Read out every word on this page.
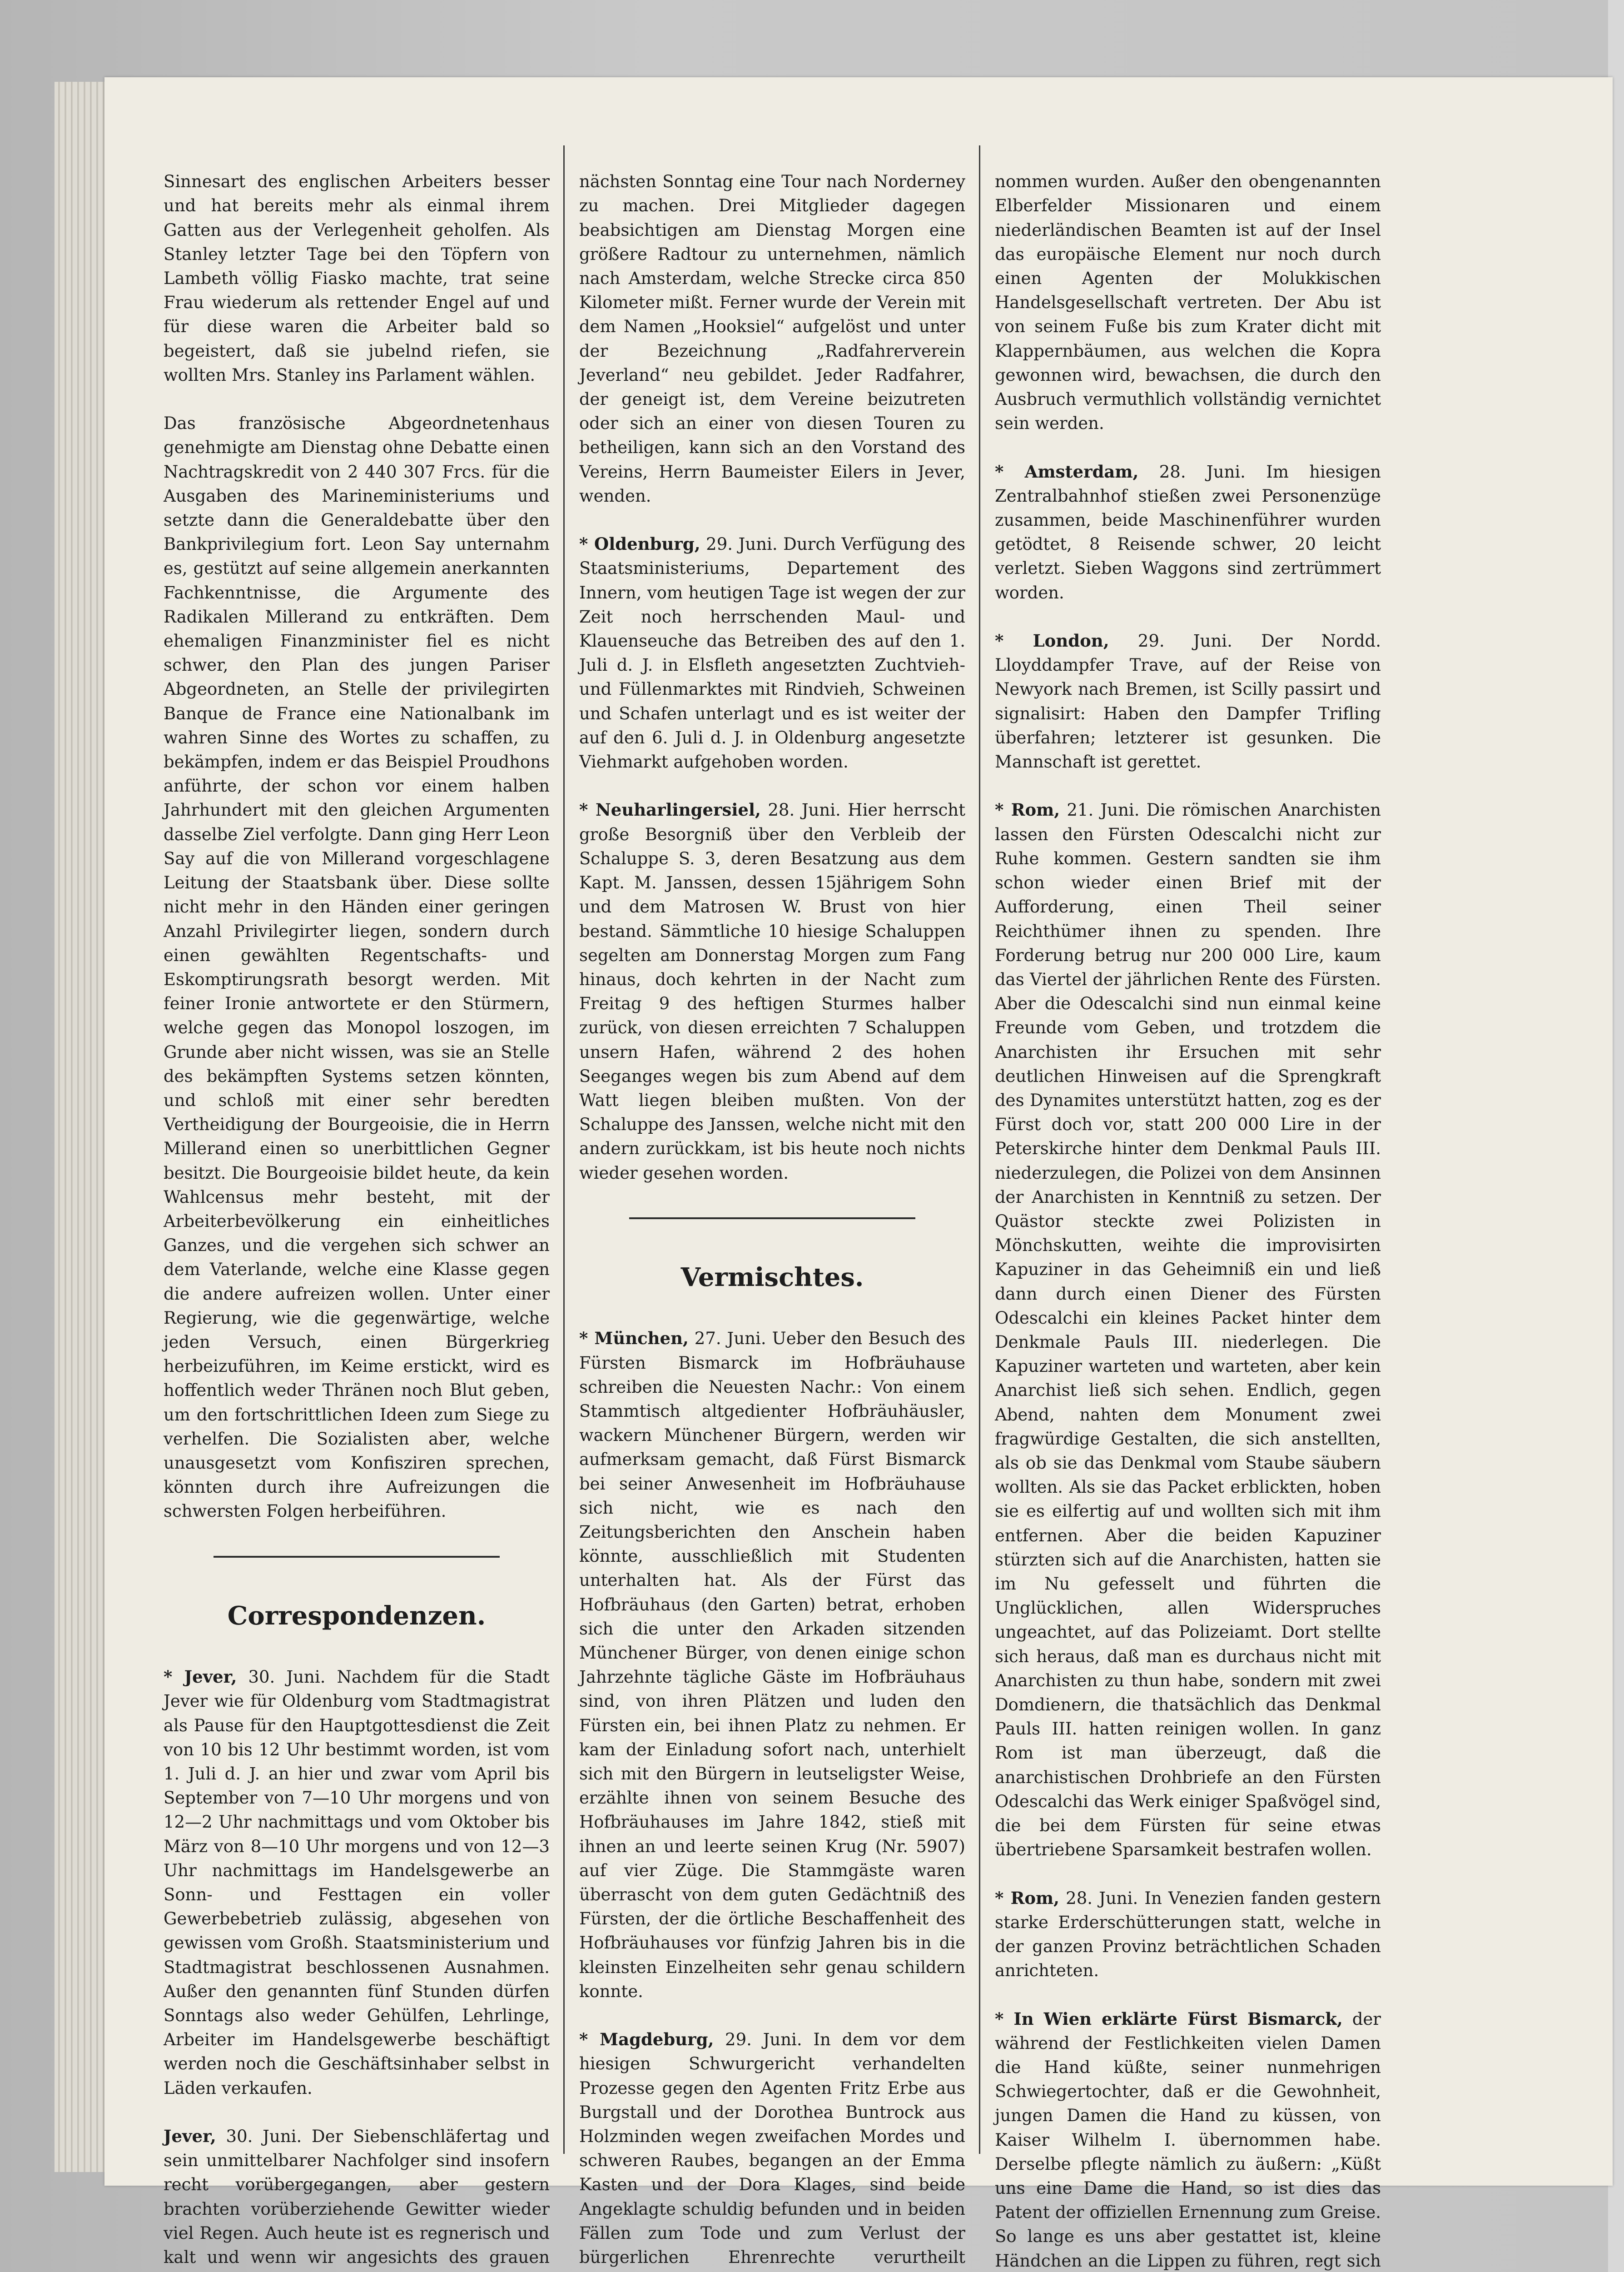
Sinnesart des englischen Arbeiters besser und hat bereits mehr als einmal ihrem Gatten aus der Verlegenheit geholfen. Als Stanley letzter Tage bei den Töpfern von Lambeth völlig Fiasko machte, trat seine Frau wiederum als rettender Engel auf und für diese waren die Arbeiter bald so begeistert, daß sie jubelnd riefen, sie wollten Mrs. Stanley ins Parlament wählen.

Das französische Abgeordnetenhaus genehmigte am Dienstag ohne Debatte einen Nachtragskredit von 2 440 307 Frcs. für die Ausgaben des Marineministeriums und setzte dann die Generaldebatte über den Bankprivilegium fort. Leon Say unternahm es, gestützt auf seine allgemein anerkannten Fachkenntnisse, die Argumente des Radikalen Millerand zu entkräften. Dem ehemaligen Finanzminister fiel es nicht schwer, den Plan des jungen Pariser Abgeordneten, an Stelle der privilegirten Banque de France eine Nationalbank im wahren Sinne des Wortes zu schaffen, zu bekämpfen, indem er das Beispiel Proudhons anführte, der schon vor einem halben Jahrhundert mit den gleichen Argumenten dasselbe Ziel verfolgte. Dann ging Herr Leon Say auf die von Millerand vorgeschlagene Leitung der Staatsbank über. Diese sollte nicht mehr in den Händen einer geringen Anzahl Privilegirter liegen, sondern durch einen gewählten Regentschafts- und Eskomptirungsrath besorgt werden. Mit feiner Ironie antwortete er den Stürmern, welche gegen das Monopol loszogen, im Grunde aber nicht wissen, was sie an Stelle des bekämpften Systems setzen könnten, und schloß mit einer sehr beredten Vertheidigung der Bourgeoisie, die in Herrn Millerand einen so unerbittlichen Gegner besitzt. Die Bourgeoisie bildet heute, da kein Wahlcensus mehr besteht, mit der Arbeiterbevölkerung ein einheitliches Ganzes, und die vergehen sich schwer an dem Vaterlande, welche eine Klasse gegen die andere aufreizen wollen. Unter einer Regierung, wie die gegenwärtige, welche jeden Versuch, einen Bürgerkrieg herbeizuführen, im Keime erstickt, wird es hoffentlich weder Thränen noch Blut geben, um den fortschrittlichen Ideen zum Siege zu verhelfen. Die Sozialisten aber, welche unausgesetzt vom Konfisziren sprechen, könnten durch ihre Aufreizungen die schwersten Folgen herbeiführen.

Correspondenzen.

* Jever, 30. Juni. Nachdem für die Stadt Jever wie für Oldenburg vom Stadtmagistrat als Pause für den Hauptgottesdienst die Zeit von 10 bis 12 Uhr bestimmt worden, ist vom 1. Juli d. J. an hier und zwar vom April bis September von 7—10 Uhr morgens und von 12—2 Uhr nachmittags und vom Oktober bis März von 8—10 Uhr morgens und von 12—3 Uhr nachmittags im Handelsgewerbe an Sonn- und Festtagen ein voller Gewerbebetrieb zulässig, abgesehen von gewissen vom Großh. Staatsministerium und Stadtmagistrat beschlossenen Ausnahmen. Außer den genannten fünf Stunden dürfen Sonntags also weder Gehülfen, Lehrlinge, Arbeiter im Handelsgewerbe beschäftigt werden noch die Geschäftsinhaber selbst in Läden verkaufen.

Jever, 30. Juni. Der Siebenschläfertag und sein unmittelbarer Nachfolger sind insofern recht vorübergegangen, aber gestern brachten vorüberziehende Gewitter wieder viel Regen. Auch heute ist es regnerisch und kalt und wenn wir angesichts des grauen

nächsten Sonntag eine Tour nach Norderney zu machen. Drei Mitglieder dagegen beabsichtigen am Dienstag Morgen eine größere Radtour zu unternehmen, nämlich nach Amsterdam, welche Strecke circa 850 Kilometer mißt. Ferner wurde der Verein mit dem Namen „Hooksiel“ aufgelöst und unter der Bezeichnung „Radfahrerverein Jeverland“ neu gebildet. Jeder Radfahrer, der geneigt ist, dem Vereine beizutreten oder sich an einer von diesen Touren zu betheiligen, kann sich an den Vorstand des Vereins, Herrn Baumeister Eilers in Jever, wenden.

* Oldenburg, 29. Juni. Durch Verfügung des Staatsministeriums, Departement des Innern, vom heutigen Tage ist wegen der zur Zeit noch herrschenden Maul- und Klauenseuche das Betreiben des auf den 1. Juli d. J. in Elsfleth angesetzten Zuchtvieh- und Füllenmarktes mit Rindvieh, Schweinen und Schafen unterlagt und es ist weiter der auf den 6. Juli d. J. in Oldenburg angesetzte Viehmarkt aufgehoben worden.

* Neuharlingersiel, 28. Juni. Hier herrscht große Besorgniß über den Verbleib der Schaluppe S. 3, deren Besatzung aus dem Kapt. M. Janssen, dessen 15jährigem Sohn und dem Matrosen W. Brust von hier bestand. Sämmtliche 10 hiesige Schaluppen segelten am Donnerstag Morgen zum Fang hinaus, doch kehrten in der Nacht zum Freitag 9 des heftigen Sturmes halber zurück, von diesen erreichten 7 Schaluppen unsern Hafen, während 2 des hohen Seeganges wegen bis zum Abend auf dem Watt liegen bleiben mußten. Von der Schaluppe des Janssen, welche nicht mit den andern zurückkam, ist bis heute noch nichts wieder gesehen worden.

Vermischtes.

* München, 27. Juni. Ueber den Besuch des Fürsten Bismarck im Hofbräuhause schreiben die Neuesten Nachr.: Von einem Stammtisch altgedienter Hofbräuhäusler, wackern Münchener Bürgern, werden wir aufmerksam gemacht, daß Fürst Bismarck bei seiner Anwesenheit im Hofbräuhause sich nicht, wie es nach den Zeitungsberichten den Anschein haben könnte, ausschließlich mit Studenten unterhalten hat. Als der Fürst das Hofbräuhaus (den Garten) betrat, erhoben sich die unter den Arkaden sitzenden Münchener Bürger, von denen einige schon Jahrzehnte tägliche Gäste im Hofbräuhaus sind, von ihren Plätzen und luden den Fürsten ein, bei ihnen Platz zu nehmen. Er kam der Einladung sofort nach, unterhielt sich mit den Bürgern in leutseligster Weise, erzählte ihnen von seinem Besuche des Hofbräuhauses im Jahre 1842, stieß mit ihnen an und leerte seinen Krug (Nr. 5907) auf vier Züge. Die Stammgäste waren überrascht von dem guten Gedächtniß des Fürsten, der die örtliche Beschaffenheit des Hofbräuhauses vor fünfzig Jahren bis in die kleinsten Einzelheiten sehr genau schildern konnte.

* Magdeburg, 29. Juni. In dem vor dem hiesigen Schwurgericht verhandelten Prozesse gegen den Agenten Fritz Erbe aus Burgstall und der Dorothea Buntrock aus Holzminden wegen zweifachen Mordes und schweren Raubes, begangen an der Emma Kasten und der Dora Klages, sind beide Angeklagte schuldig befunden und in beiden Fällen zum Tode und zum Verlust der bürgerlichen Ehrenrechte verurtheilt

nommen wurden. Außer den obengenannten Elberfelder Missionaren und einem niederländischen Beamten ist auf der Insel das europäische Element nur noch durch einen Agenten der Molukkischen Handelsgesellschaft vertreten. Der Abu ist von seinem Fuße bis zum Krater dicht mit Klappernbäumen, aus welchen die Kopra gewonnen wird, bewachsen, die durch den Ausbruch vermuthlich vollständig vernichtet sein werden.

* Amsterdam, 28. Juni. Im hiesigen Zentralbahnhof stießen zwei Personenzüge zusammen, beide Maschinenführer wurden getödtet, 8 Reisende schwer, 20 leicht verletzt. Sieben Waggons sind zertrümmert worden.

* London, 29. Juni. Der Nordd. Lloyddampfer Trave, auf der Reise von Newyork nach Bremen, ist Scilly passirt und signalisirt: Haben den Dampfer Trifling überfahren; letzterer ist gesunken. Die Mannschaft ist gerettet.

* Rom, 21. Juni. Die römischen Anarchisten lassen den Fürsten Odescalchi nicht zur Ruhe kommen. Gestern sandten sie ihm schon wieder einen Brief mit der Aufforderung, einen Theil seiner Reichthümer ihnen zu spenden. Ihre Forderung betrug nur 200 000 Lire, kaum das Viertel der jährlichen Rente des Fürsten. Aber die Odescalchi sind nun einmal keine Freunde vom Geben, und trotzdem die Anarchisten ihr Ersuchen mit sehr deutlichen Hinweisen auf die Sprengkraft des Dynamites unterstützt hatten, zog es der Fürst doch vor, statt 200 000 Lire in der Peterskirche hinter dem Denkmal Pauls III. niederzulegen, die Polizei von dem Ansinnen der Anarchisten in Kenntniß zu setzen. Der Quästor steckte zwei Polizisten in Mönchskutten, weihte die improvisirten Kapuziner in das Geheimniß ein und ließ dann durch einen Diener des Fürsten Odescalchi ein kleines Packet hinter dem Denkmale Pauls III. niederlegen. Die Kapuziner warteten und warteten, aber kein Anarchist ließ sich sehen. Endlich, gegen Abend, nahten dem Monument zwei fragwürdige Gestalten, die sich anstellten, als ob sie das Denkmal vom Staube säubern wollten. Als sie das Packet erblickten, hoben sie es eilfertig auf und wollten sich mit ihm entfernen. Aber die beiden Kapuziner stürzten sich auf die Anarchisten, hatten sie im Nu gefesselt und führten die Unglücklichen, allen Widerspruches ungeachtet, auf das Polizeiamt. Dort stellte sich heraus, daß man es durchaus nicht mit Anarchisten zu thun habe, sondern mit zwei Domdienern, die thatsächlich das Denkmal Pauls III. hatten reinigen wollen. In ganz Rom ist man überzeugt, daß die anarchistischen Drohbriefe an den Fürsten Odescalchi das Werk einiger Spaßvögel sind, die bei dem Fürsten für seine etwas übertriebene Sparsamkeit bestrafen wollen.

* Rom, 28. Juni. In Venezien fanden gestern starke Erderschütterungen statt, welche in der ganzen Provinz beträchtlichen Schaden anrichteten.

* In Wien erklärte Fürst Bismarck, der während der Festlichkeiten vielen Damen die Hand küßte, seiner nunmehrigen Schwiegertochter, daß er die Gewohnheit, jungen Damen die Hand zu küssen, von Kaiser Wilhelm I. übernommen habe. Derselbe pflegte nämlich zu äußern: „Küßt uns eine Dame die Hand, so ist dies das Patent der offiziellen Ernennung zum Greise. So lange es uns aber gestattet ist, kleine Händchen an die Lippen zu führen, regt sich
